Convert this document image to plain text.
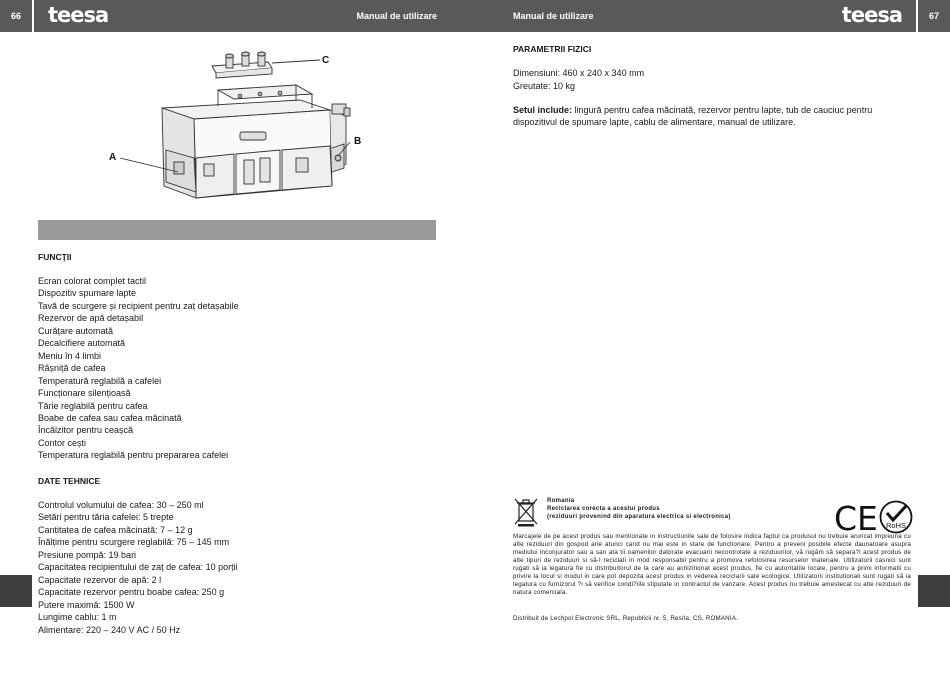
66	teesa	Manual de utilizare	Manual de utilizare	teesa	67
A
B
C
FUNCȚII
Ecran colorat complet tactil
Dispozitiv spumare lapte
Tavă de scurgere și recipient pentru zaț detașabile
Rezervor de apă detașabil
Curățare automată
Decalcifiere automată
Meniu în 4 limbi
Râșniță de cafea
Temperatură reglabilă a cafelei
Funcționare silențioasă
Tărie reglabilă pentru cafea
Boabe de cafea sau cafea măcinată
Încălzitor pentru ceașcă
Contor cești
Temperatura reglabilă pentru prepararea cafelei
DATE TEHNICE
Controlul volumului de cafea: 30 – 250 ml
Setări pentru tăria cafelei: 5 trepte
Cantitatea de cafea măcinată: 7 – 12 g
Înălțime pentru scurgere reglabilă: 75 – 145 mm
Presiune pompă: 19 bari
Capacitatea recipientului de zaț de cafea: 10 porții
Capacitate rezervor de apă: 2 l
Capacitate rezervor pentru boabe cafea: 250 g
Putere maximă: 1500 W
Lungime cablu: 1 m
Alimentare: 220 – 240 V AC / 50 Hz
PARAMETRII FIZICI
Dimensiuni: 460 x 240 x 340 mm
Greutate: 10 kg
Setul include: lingură pentru cafea măcinată, rezervor pentru lapte, tub de cauciuc pentru dispozitivul de spumare lapte, cablu de alimentare, manual de utilizare.
Romania
Reciclarea corecta a acestui produs
(reziduuri provenind din aparatura electrica si electronica)	CE RoHS
Marcajele de pe acest produs sau mentionate in instructiunile sale de folosire indica faptul ca produsul nu trebuie aruncat impreuna cu alte reziduuri din gospod arie atunci cand nu mai este in stare de functionare. Pentru a preveni posibile efecte daunatoare asupra mediului inconjurator sau a san ata tii oamenilor datorate evacuarii necontrolate a reziduurilor, vă rugăm să separa?i acest produs de alte tipuri de reziduuri si să-l reciclati in mod responsabil pentru a promova refolosirea resurselor materiale. Utilizatorii casnici sunt rugati să ia legatura fie cu distribuitorul de la care au achizitionat acest produs, fie cu autoritatile locale, pentru a primi informatii cu privire la locul si modul in care pot depozita acest produs in vederea reciclarii sale ecologice. Utilizatorii institutionali sunt rugati să ia legatura cu furnizorul ?i să verifice condi?iile stipulate in contractul de vanzare. Acest produs nu trebuie amestecat cu alte reziduuri de natura comerciala.
Distribuit de Lechpol Electronic SRL, Republicii nr. 5, Resita, CS, ROMANIA.
